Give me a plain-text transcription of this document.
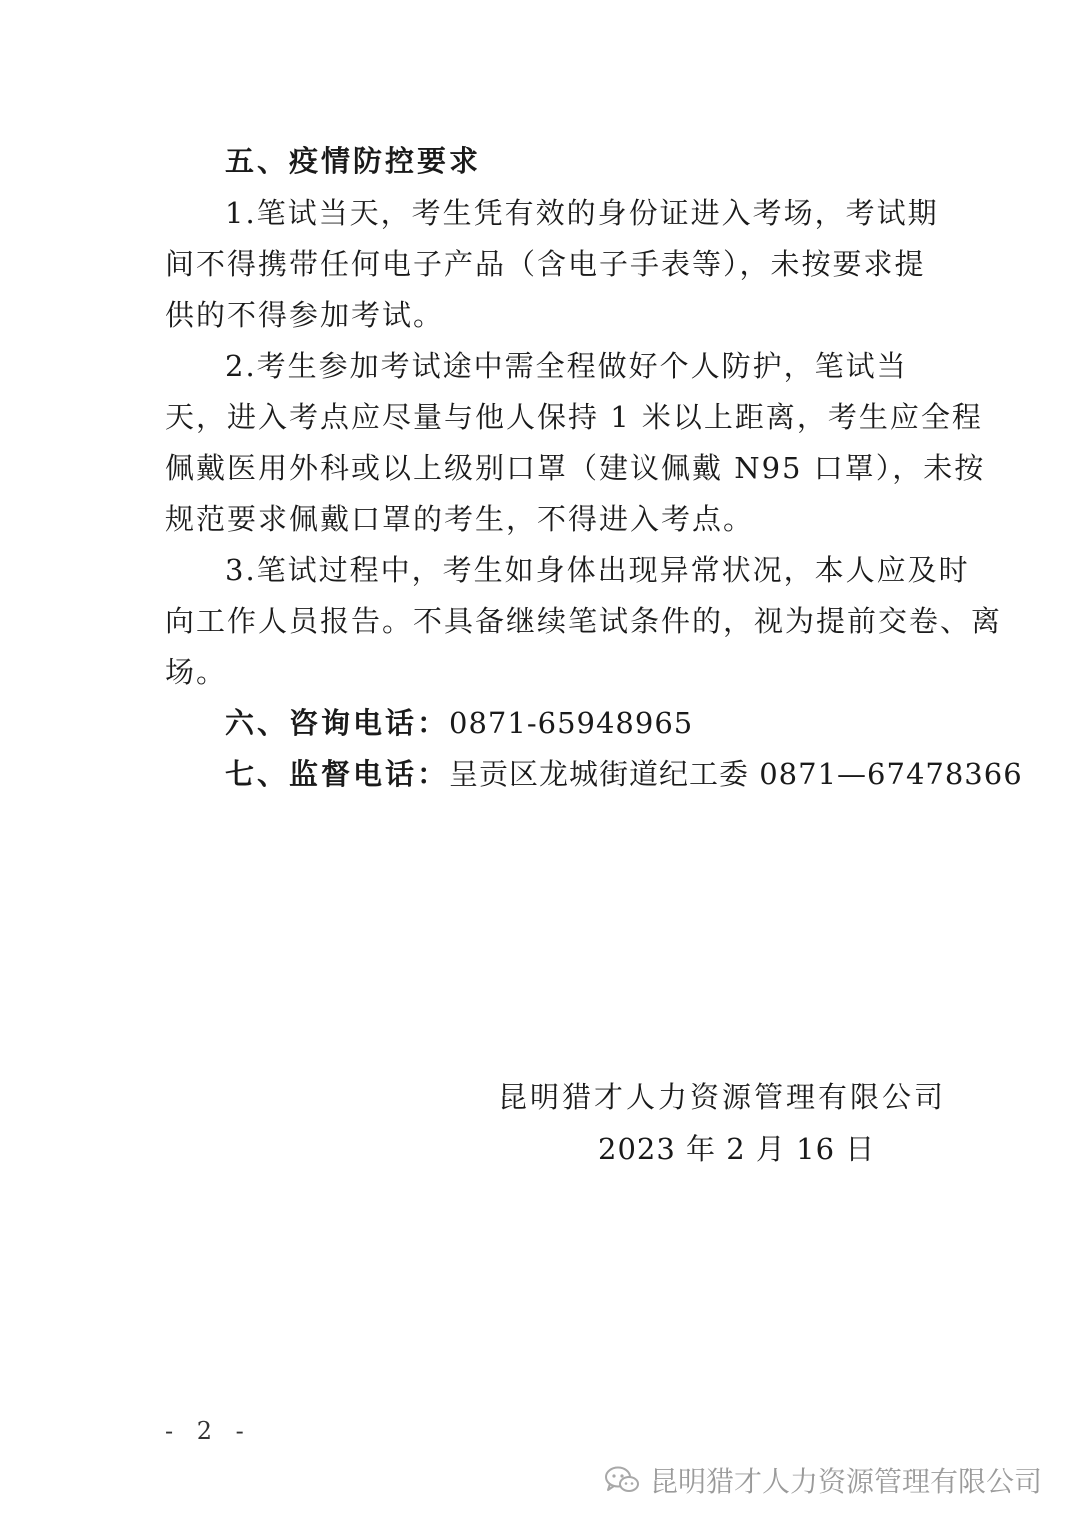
五、疫情防控要求
1.笔试当天，考生凭有效的身份证进入考场，考试期
间不得携带任何电子产品（含电子手表等），未按要求提
供的不得参加考试。
2.考生参加考试途中需全程做好个人防护，笔试当
天，进入考点应尽量与他人保持 1 米以上距离，考生应全程
佩戴医用外科或以上级别口罩（建议佩戴 N95 口罩），未按
规范要求佩戴口罩的考生，不得进入考点。
3.笔试过程中，考生如身体出现异常状况，本人应及时
向工作人员报告。不具备继续笔试条件的，视为提前交卷、离
场。
六、咨询电话：0871-65948965
七、监督电话：呈贡区龙城街道纪工委 0871—67478366
昆明猎才人力资源管理有限公司
2023 年 2 月 16 日
- 2 -
昆明猎才人力资源管理有限公司
